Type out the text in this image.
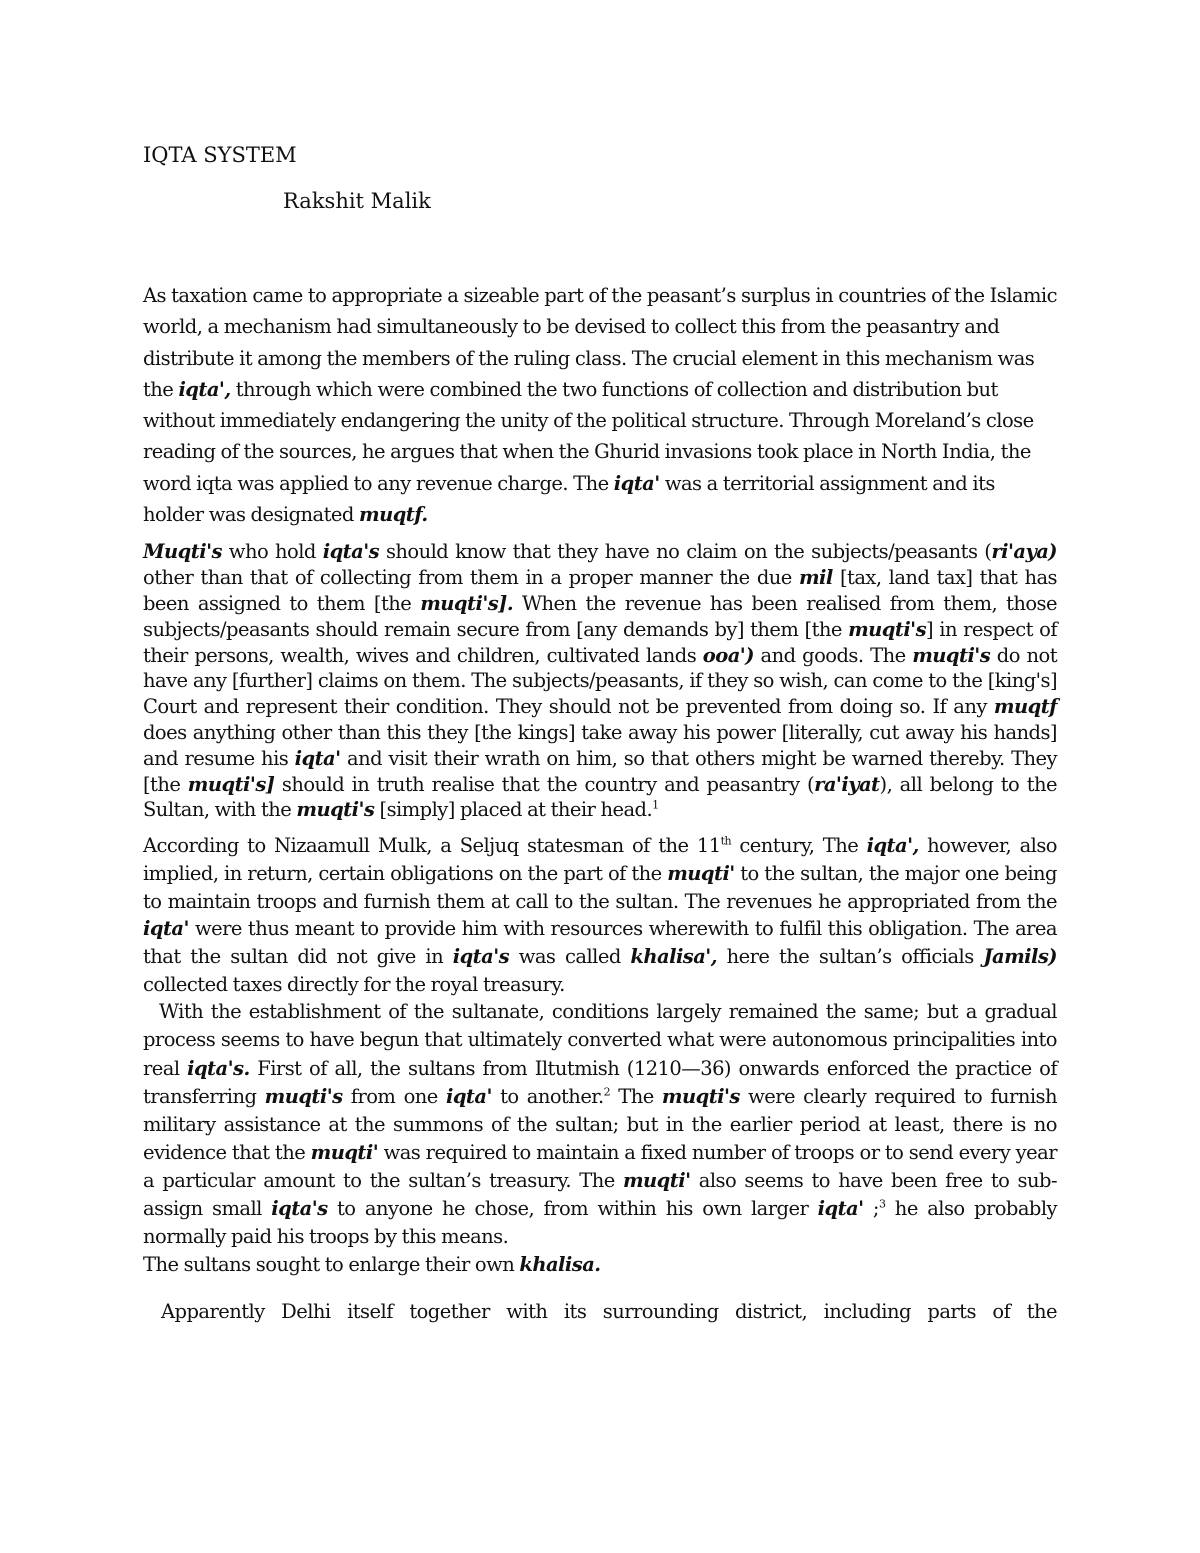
IQTA SYSTEM
Rakshit Malik

As taxation came to appropriate a sizeable part of the peasant’s surplus in countries of the Islamic world, a mechanism had simultaneously to be devised to collect this from the peasantry and distribute it among the members of the ruling class. The crucial element in this mechanism was the iqta', through which were combined the two functions of collection and distribution but without immediately endangering the unity of the political structure. Through Moreland’s close reading of the sources, he argues that when the Ghurid invasions took place in North India, the word iqta was applied to any revenue charge. The iqta' was a territorial assignment and its holder was designated muqtf.

Muqti's who hold iqta's should know that they have no claim on the subjects/peasants (ri'aya) other than that of collecting from them in a proper manner the due mil [tax, land tax] that has been assigned to them [the muqti's]. When the revenue has been realised from them, those subjects/peasants should remain secure from [any demands by] them [the muqti's] in respect of their persons, wealth, wives and children, cultivated lands ooa') and goods. The muqti's do not have any [further] claims on them. The subjects/peasants, if they so wish, can come to the [king's] Court and represent their condition. They should not be prevented from doing so. If any muqtf does anything other than this they [the kings] take away his power [literally, cut away his hands] and resume his iqta' and visit their wrath on him, so that others might be warned thereby. They [the muqti's] should in truth realise that the country and peasantry (ra'iyat), all belong to the Sultan, with the muqti's [simply] placed at their head.$^1$

According to Nizaamull Mulk, a Seljuq statesman of the 11th century, The iqta', however, also implied, in return, certain obligations on the part of the muqti' to the sultan, the major one being to maintain troops and furnish them at call to the sultan. The revenues he appropriated from the iqta' were thus meant to provide him with resources wherewith to fulfil this obligation. The area that the sultan did not give in iqta's was called khalisa', here the sultan’s officials Jamils) collected taxes directly for the royal treasury.

With the establishment of the sultanate, conditions largely remained the same; but a gradual process seems to have begun that ultimately converted what were autonomous principalities into real iqta's. First of all, the sultans from Iltutmish (1210—36) onwards enforced the practice of transferring muqti's from one iqta' to another.$^2$ The muqti's were clearly required to furnish military assistance at the summons of the sultan; but in the earlier period at least, there is no evidence that the muqti' was required to maintain a fixed number of troops or to send every year a particular amount to the sultan’s treasury. The muqti' also seems to have been free to sub-assign small iqta's to anyone he chose, from within his own larger iqta' ;$^3$ he also probably normally paid his troops by this means.

The sultans sought to enlarge their own khalisa.

Apparently Delhi itself together with its surrounding district, including parts of the
